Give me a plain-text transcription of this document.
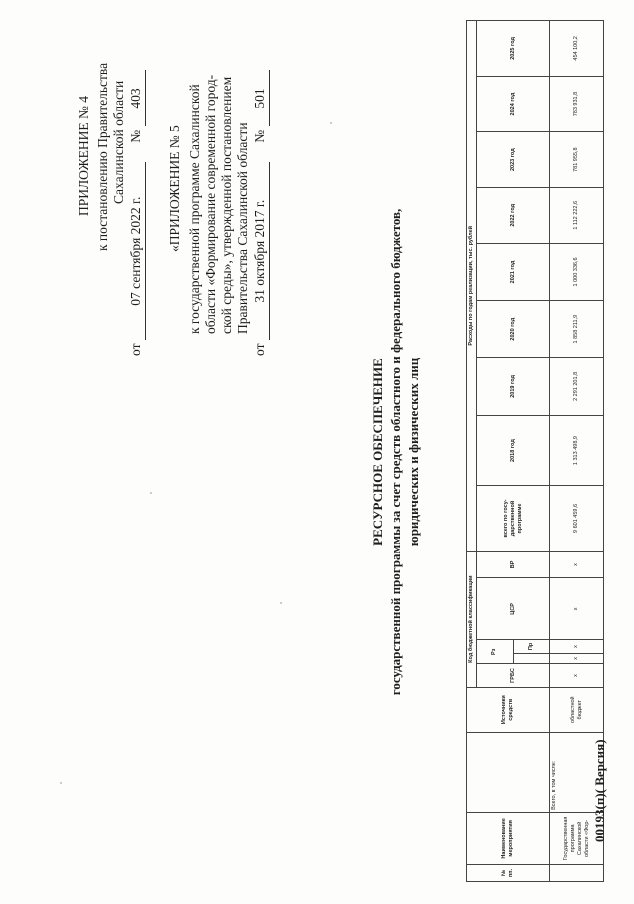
ПРИЛОЖЕНИЕ № 4 к постановлению Правительства Сахалинской области
от 07 сентября 2022 г. № 403
«ПРИЛОЖЕНИЕ № 5 к государственной программе Сахалинской области «Формирование современной город- ской среды», утвержденной постановлением Правительства Сахалинской области
от 31 октября 2017 г. № 501
РЕСУРСНОЕ ОБЕСПЕЧЕНИЕ государственной программы за счет средств областного и федерального бюджетов, юридических и физических лиц
№ пп.	Наименование мероприятия		Источники средств	Код бюджетной классификации					Расходы по годам реализации, тыс. рублей								
				ГРБС	Рз		ЦСР	ВР	всего по госу-дарственной программе	2018 год	2019 год	2020 год	2021 год	2022 год	2023 год	2024 год	2025 год
						Пр											
	Государственная программа Сахалинской области «Фор-	Всего, в том числе:	областной бюджет	х	х	х	х	х	9 601 459,6	1 313 498,9	2 291 201,8	1 858 211,9	1 000 336,6	1 112 222,6	781 955,8	783 931,8	454 100,2
00193(п)( Версия)
